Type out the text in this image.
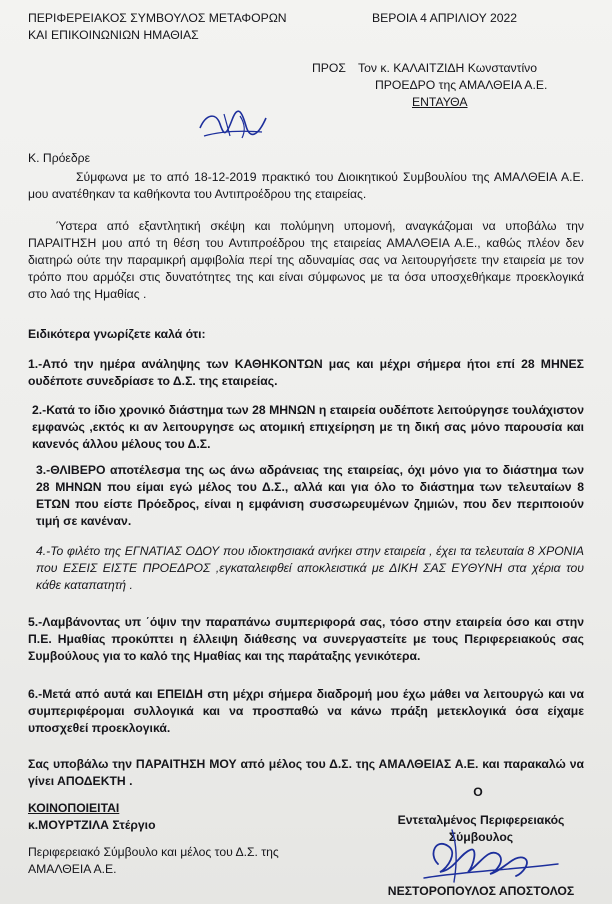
ΠΕΡΙΦΕΡΕΙΑΚΟΣ ΣΥΜΒΟΥΛΟΣ ΜΕΤΑΦΟΡΩΝ
ΚΑΙ ΕΠΙΚΟΙΝΩΝΙΩΝ ΗΜΑΘΙΑΣ
ΒΕΡΟΙΑ 4 ΑΠΡΙΛΙΟΥ 2022
ΠΡΟΣ Τον κ. ΚΑΛΑΙΤΖΙΔΗ Κωνσταντίνο
ΠΡΟΕΔΡΟ της ΑΜΑΛΘΕΙΑ Α.Ε.
ΕΝΤΑΥΘΑ
Κ. Πρόεδρε
Σύμφωνα με το από 18-12-2019 πρακτικό του Διοικητικού Συμβουλίου της ΑΜΑΛΘΕΙΑ Α.Ε. μου ανατέθηκαν τα καθήκοντα του Αντιπροέδρου της εταιρείας.
Ύστερα από εξαντλητική σκέψη και πολύμηνη υπομονή, αναγκάζομαι να υποβάλω την ΠΑΡΑΙΤΗΣΗ μου από τη θέση του Αντιπροέδρου της εταιρείας ΑΜΑΛΘΕΙΑ Α.Ε., καθώς πλέον δεν διατηρώ ούτε την παραμικρή αμφιβολία περί της αδυναμίας σας να λειτουργήσετε την εταιρεία με τον τρόπο που αρμόζει στις δυνατότητες της και είναι σύμφωνος με τα όσα υποσχεθήκαμε προεκλογικά στο λαό της Ημαθίας .
Ειδικότερα γνωρίζετε καλά ότι:
1.-Από την ημέρα ανάληψης των ΚΑΘΗΚΟΝΤΩΝ μας και μέχρι σήμερα ήτοι επί 28 ΜΗΝΕΣ ουδέποτε συνεδρίασε το Δ.Σ. της εταιρείας.
2.-Κατά το ίδιο χρονικό διάστημα των 28 ΜΗΝΩΝ η εταιρεία ουδέποτε λειτούργησε τουλάχιστον εμφανώς ,εκτός κι αν λειτουργησε ως ατομική επιχείρηση με τη δική σας μόνο παρουσία και κανενός άλλου μέλους του Δ.Σ.
3.-ΘΛΙΒΕΡΟ αποτέλεσμα της ως άνω αδράνειας της εταιρείας, όχι μόνο για το διάστημα των 28 ΜΗΝΩΝ που είμαι εγώ μέλος του Δ.Σ., αλλά και για όλο το διάστημα των τελευταίων 8 ΕΤΩΝ που είστε Πρόεδρος, είναι η εμφάνιση συσσωρευμένων ζημιών, που δεν περιποιούν τιμή σε κανέναν.
4.-Το φιλέτο της ΕΓΝΑΤΙΑΣ ΟΔΟΥ που ιδιοκτησιακά ανήκει στην εταιρεία , έχει τα τελευταία 8 ΧΡΟΝΙΑ που ΕΣΕΙΣ ΕΙΣΤΕ ΠΡΟΕΔΡΟΣ ,εγκαταλειφθεί αποκλειστικά με ΔΙΚΗ ΣΑΣ ΕΥΘΥΝΗ στα χέρια του κάθε καταπατητή .
5.-Λαμβάνοντας υπ ΄όψιν την παραπάνω συμπεριφορά σας, τόσο στην εταιρεία όσο και στην Π.Ε. Ημαθίας προκύπτει η έλλειψη διάθεσης να συνεργαστείτε με τους Περιφερειακούς σας Συμβούλους για το καλό της Ημαθίας και της παράταξης γενικότερα.
6.-Μετά από αυτά και ΕΠΕΙΔΗ στη μέχρι σήμερα διαδρομή μου έχω μάθει να λειτουργώ και να συμπεριφέρομαι συλλογικά και να προσπαθώ να κάνω πράξη μετεκλογικά όσα είχαμε υποσχεθεί προεκλογικά.
Σας υποβάλω την ΠΑΡΑΙΤΗΣΗ ΜΟΥ από μέλος του Δ.Σ. της ΑΜΑΛΘΕΙΑΣ Α.Ε. και παρακαλώ να γίνει ΑΠΟΔΕΚΤΗ .
ΚΟΙΝΟΠΟΙΕΙΤΑΙ
κ.ΜΟΥΡΤΖΙΛΑ Στέργιο
Περιφερειακό Σύμβουλο και μέλος του Δ.Σ. της
ΑΜΑΛΘΕΙΑ Α.Ε.
Ο
Εντεταλμένος Περιφερειακός
Σύμβουλος
ΝΕΣΤΟΡΟΠΟΥΛΟΣ ΑΠΟΣΤΟΛΟΣ
